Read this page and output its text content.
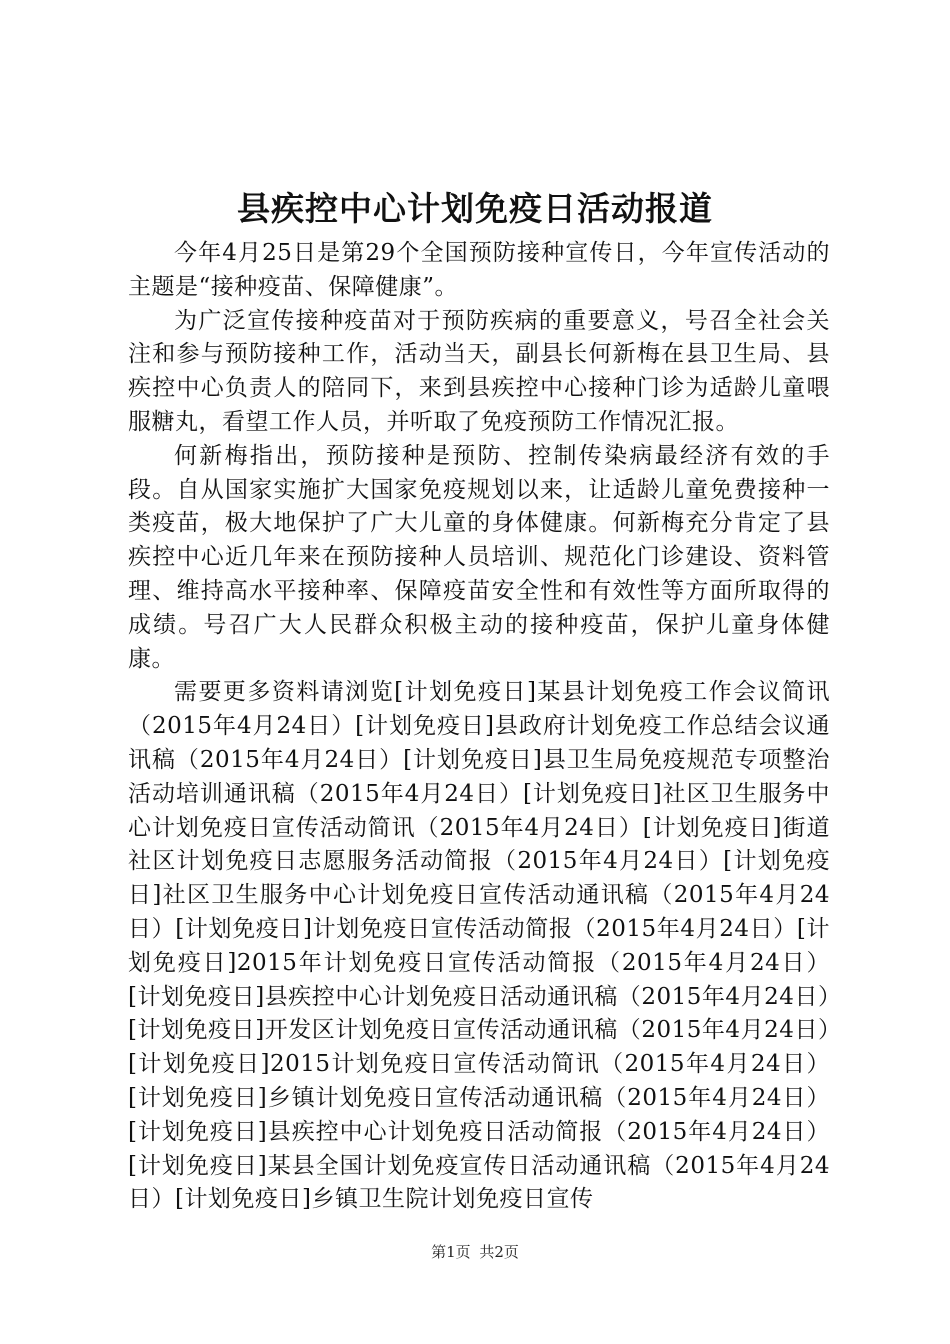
县疾控中心计划免疫日活动报道

今年4月25日是第29个全国预防接种宣传日，今年宣传活动的主题是“接种疫苗、保障健康”。

为广泛宣传接种疫苗对于预防疾病的重要意义，号召全社会关注和参与预防接种工作，活动当天，副县长何新梅在县卫生局、县疾控中心负责人的陪同下，来到县疾控中心接种门诊为适龄儿童喂服糖丸，看望工作人员，并听取了免疫预防工作情况汇报。

何新梅指出，预防接种是预防、控制传染病最经济有效的手段。自从国家实施扩大国家免疫规划以来，让适龄儿童免费接种一类疫苗，极大地保护了广大儿童的身体健康。何新梅充分肯定了县疾控中心近几年来在预防接种人员培训、规范化门诊建设、资料管理、维持高水平接种率、保障疫苗安全性和有效性等方面所取得的成绩。号召广大人民群众积极主动的接种疫苗，保护儿童身体健康。

需要更多资料请浏览[计划免疫日]某县计划免疫工作会议简讯（2015年4月24日）[计划免疫日]县政府计划免疫工作总结会议通讯稿（2015年4月24日）[计划免疫日]县卫生局免疫规范专项整治活动培训通讯稿（2015年4月24日）[计划免疫日]社区卫生服务中心计划免疫日宣传活动简讯（2015年4月24日）[计划免疫日]街道社区计划免疫日志愿服务活动简报（2015年4月24日）[计划免疫日]社区卫生服务中心计划免疫日宣传活动通讯稿（2015年4月24日）[计划免疫日]计划免疫日宣传活动简报（2015年4月24日）[计划免疫日]2015年计划免疫日宣传活动简报（2015年4月24日）[计划免疫日]县疾控中心计划免疫日活动通讯稿（2015年4月24日）[计划免疫日]开发区计划免疫日宣传活动通讯稿（2015年4月24日）[计划免疫日]2015计划免疫日宣传活动简讯（2015年4月24日）[计划免疫日]乡镇计划免疫日宣传活动通讯稿（2015年4月24日）[计划免疫日]县疾控中心计划免疫日活动简报（2015年4月24日）[计划免疫日]某县全国计划免疫宣传日活动通讯稿（2015年4月24日）[计划免疫日]乡镇卫生院计划免疫日宣传

第1页 共2页
